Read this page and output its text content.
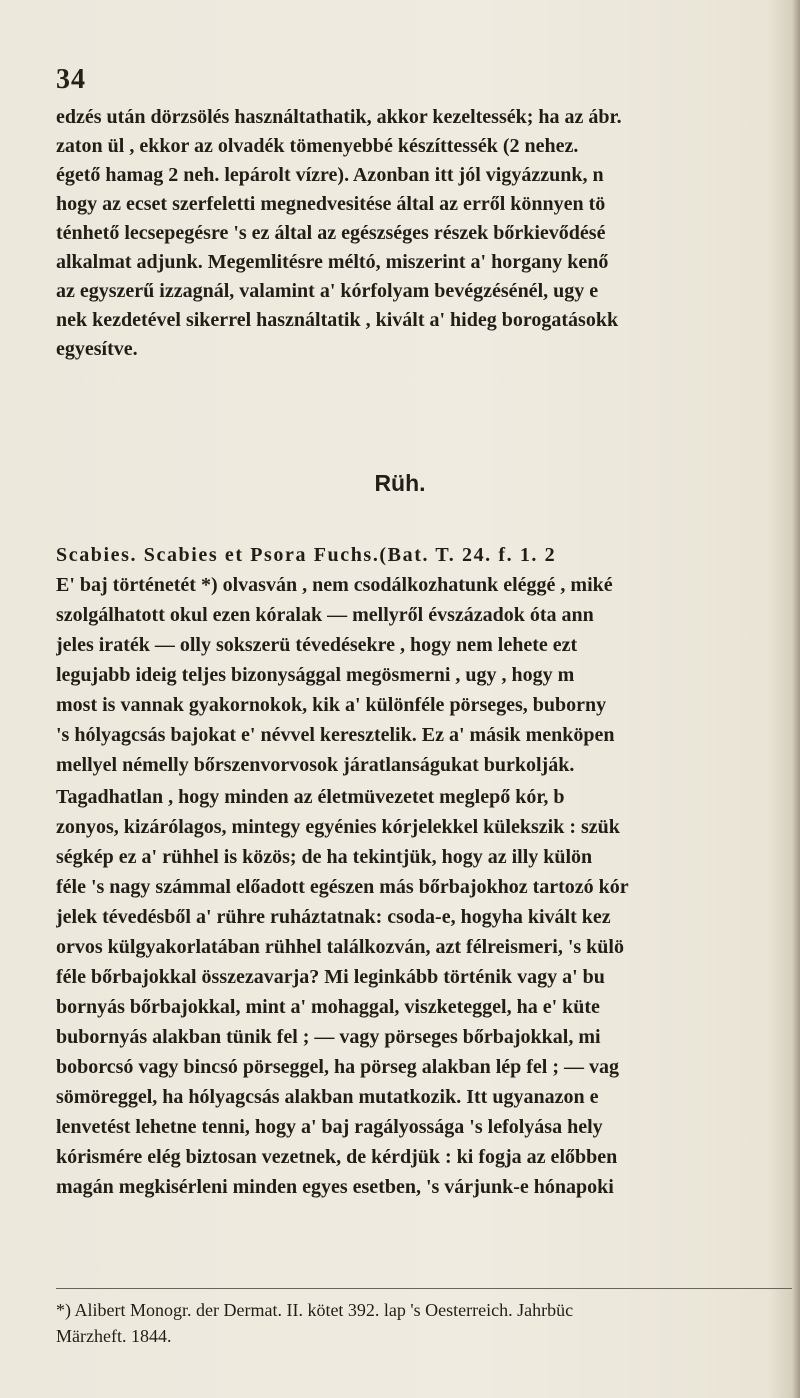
34
edzés után dörzsölés használtathatik, akkor kezeltessék; ha az ábr.
zaton ül , ekkor az olvadék tömenyebbé készíttessék (2 nehez.
égető hamag 2 neh. lepárolt vízre). Azonban itt jól vigyázzunk, n
hogy az ecset szerfeletti megnedvesitése által az erről könnyen tö
ténhető lecsepegésre 's ez által az egészséges részek bőrkievődésé
alkalmat adjunk. Megemlitésre méltó, miszerint a' horgany kenő
az egyszerű izzagnál, valamint a' kórfolyam bevégzésénél, ugy e
nek kezdetével sikerrel használtatik , kivált a' hideg borogatásokk
egyesítve.
Rüh.
Scabies. Scabies et Psora Fuchs.(Bat. T. 24. f. 1. 2
E' baj történetét *) olvasván , nem csodálkozhatunk eléggé , miké
szolgálhatott okul ezen kóralak — mellyről évszázadok óta ann
jeles iraték — olly sokszerü tévedésekre , hogy nem lehete ezt
legujabb ideig teljes bizonysággal megösmerni , ugy , hogy m
most is vannak gyakornokok, kik a' különféle pörseges, buborny
's hólyagcsás bajokat e' névvel keresztelik. Ez a' másik menköpen
mellyel némelly bőrszenvorvosok járatlanságukat burkolják.
Tagadhatlan , hogy minden az életmüvezetet meglepő kór, b
zonyos, kizárólagos, mintegy egyénies kórjelekkel külekszik : szük
ségkép ez a' rühhel is közös; de ha tekintjük, hogy az illy külön
féle 's nagy számmal előadott egészen más bőrbajokhoz tartozó kór
jelek tévedésből a' rühre ruháztatnak: csoda-e, hogyha kivált kez
orvos külgyakorlatában rühhel találkozván, azt félreismeri, 's külö
féle bőrbajokkal összezavarja? Mi leginkább történik vagy a' bu
bornyás bőrbajokkal, mint a' mohaggal, viszketeggel, ha e' küte
bubornyás alakban tünik fel ; — vagy pörseges bőrbajokkal, mi
boborcsó vagy bincsó pörseggel, ha pörseg alakban lép fel ; — vag
sömöreggel, ha hólyagcsás alakban mutatkozik. Itt ugyanazon e
lenvetést lehetne tenni, hogy a' baj ragályossága 's lefolyása hely
kórismére elég biztosan vezetnek, de kérdjük : ki fogja az előbben
magán megkisérleni minden egyes esetben, 's várjunk-e hónapoki
*) Alibert Monogr. der Dermat. II. kötet 392. lap 's Oesterreich. Jahrbüc
Märzheft. 1844.
